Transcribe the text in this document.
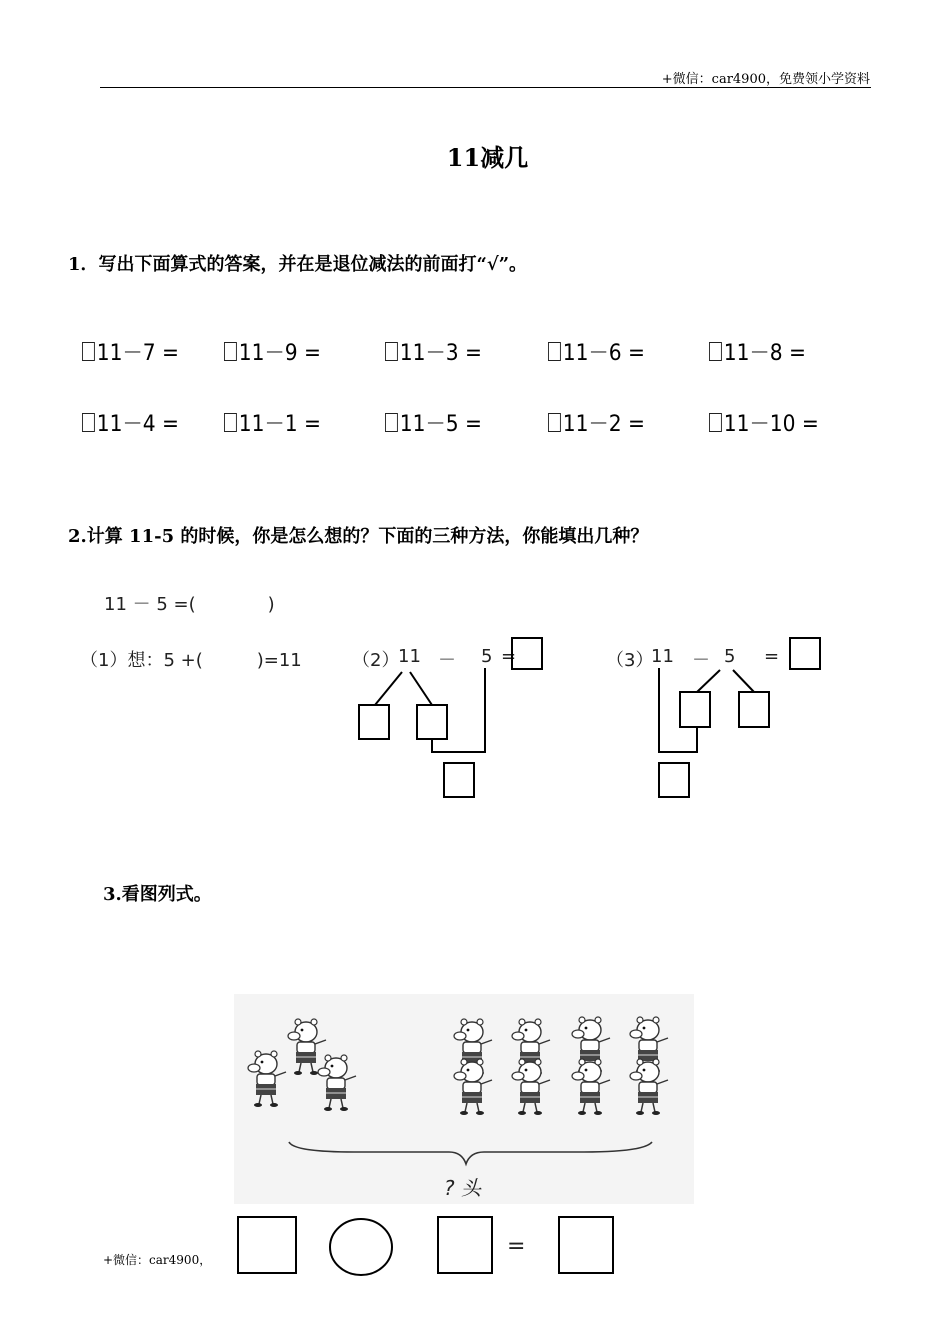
+微信：car4900，免费领小学资料
11减几
1．写出下面算式的答案，并在是退位减法的前面打“√”。
11－7 =	11－9 =	11－3 =	11－6 =	11－8 =
11－4 =	11－1 =	11－5 =	11－2 =	11－10 =
2.计算 11-5 的时候，你是怎么想的？下面的三种方法，你能填出几种？
11 － 5 =(　　　　)
（1）想：5 +(　　　)=11	（2）
11 － 5 =	（3）
11 － 5 =
3.看图列式。
? 头
=
+微信：car4900，
